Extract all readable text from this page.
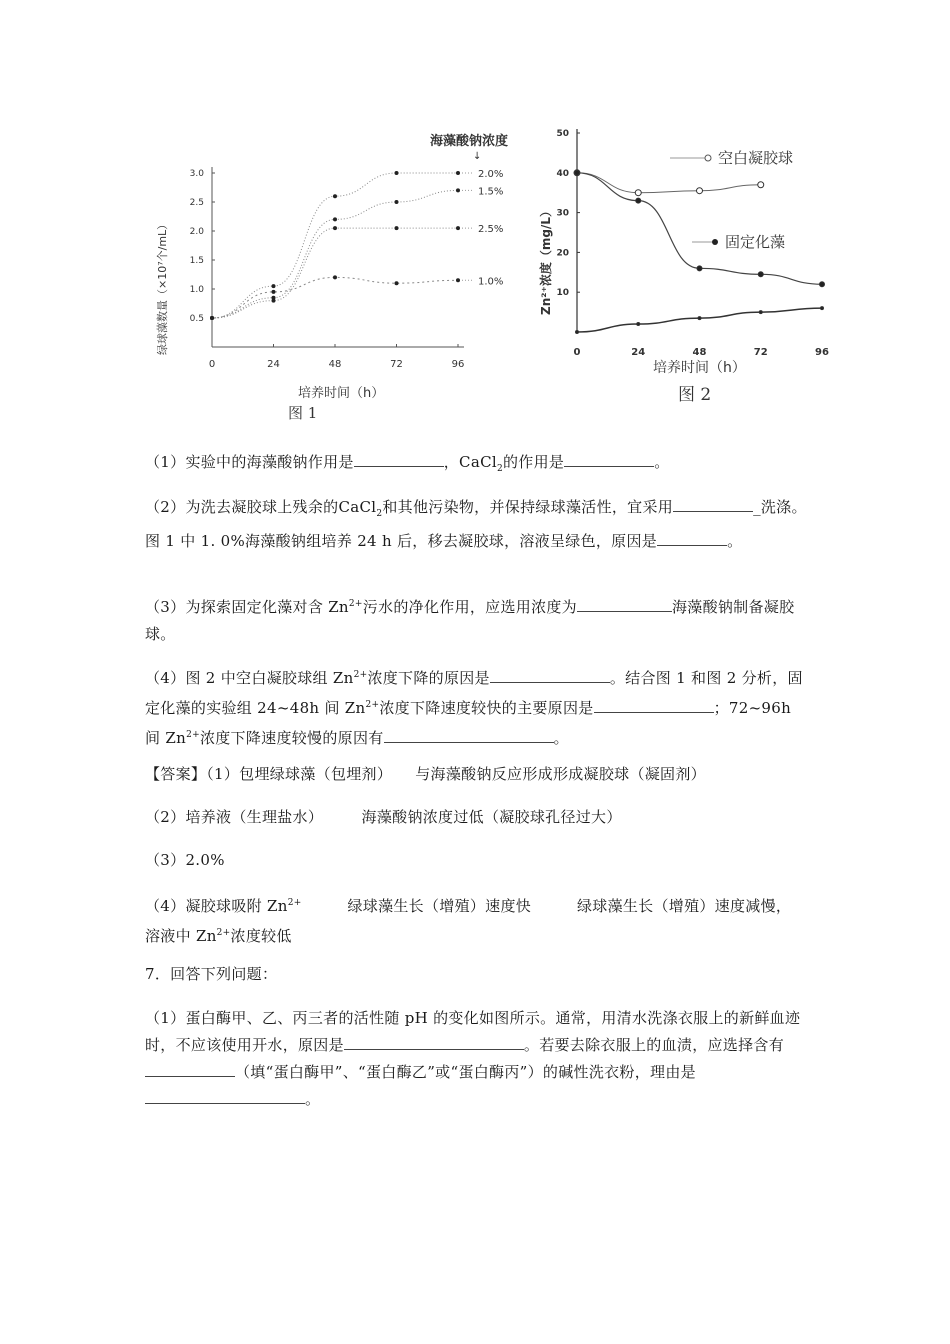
0	24	48	72	96
0.5
1.0
1.5
2.0
2.5
3.0	2.0%
1.5%
2.5%
1.0%
海藻酸钠浓度
↓
培养时间（h）
图 1
绿球藻数量（×10⁷个/mL）	0	24	48	72	96
10
20
30
40
50
空白凝胶球
固定化藻
培养时间（h）
图 2
Zn²⁺浓度（mg/L）
（1）实验中的海藻酸钠作用是	，CaCl$_2$的作用是	。
（2）为洗去凝胶球上残余的CaCl$_2$和其他污染物，并保持绿球藻活性，宜采用	_洗涤。图 1 中 1. 0%海藻酸钠组培养 24 h 后，移去凝胶球，溶液呈绿色，原因是	。
（3）为探索固定化藻对含 $Zn^{2+}$污水的净化作用，应选用浓度为	海藻酸钠制备凝胶球。
（4）图 2 中空白凝胶球组 $Zn^{2+}$浓度下降的原因是	。结合图 1 和图 2 分析，固定化藻的实验组 24~48h 间 $Zn^{2+}$浓度下降速度较快的主要原因是	；72~96h 间 $Zn^{2+}$浓度下降速度较慢的原因有	。
【答案】（1）包埋绿球藻（包埋剂）　　与海藻酸钠反应形成形成凝胶球（凝固剂）
（2）培养液（生理盐水）　　　海藻酸钠浓度过低（凝胶球孔径过大）
（3）2.0%
（4）凝胶球吸附 $Zn^{2+}$　　　绿球藻生长（增殖）速度快　　　绿球藻生长（增殖）速度减慢，
溶液中 $Zn^{2+}$浓度较低
7．回答下列问题：
（1）蛋白酶甲、乙、丙三者的活性随 pH 的变化如图所示。通常，用清水洗涤衣服上的新鲜血迹时，不应该使用开水，原因是	。若要去除衣服上的血渍，应选择含有（填“蛋白酶甲”、“蛋白酶乙”或“蛋白酶丙”）的碱性洗衣粉，理由是。
